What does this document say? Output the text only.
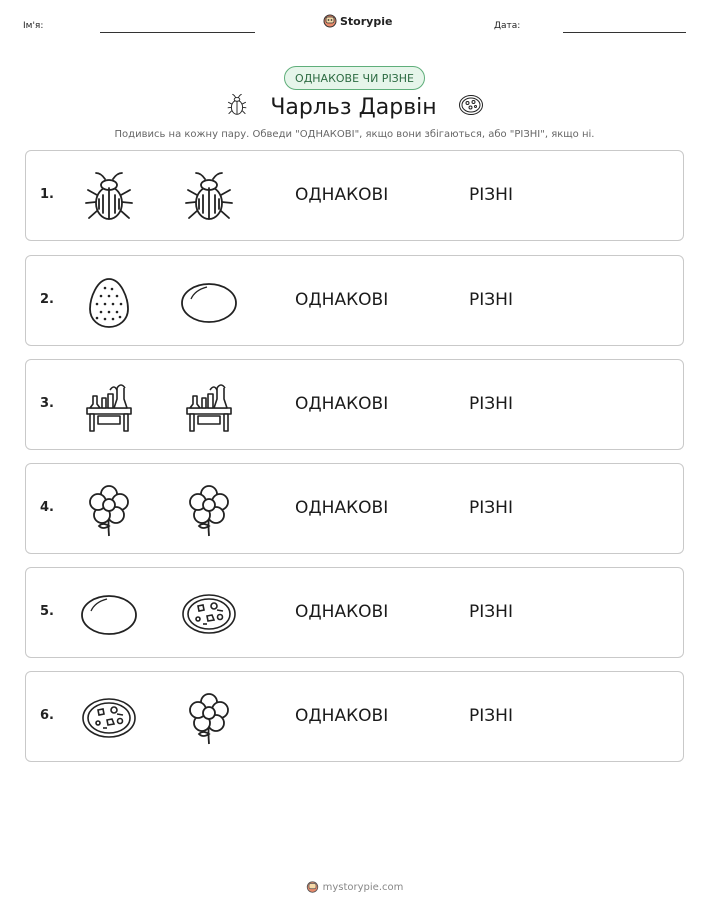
Ім'я:	Storypie	Дата:
ОДНАКОВЕ ЧИ РІЗНЕ
Чарльз Дарвін
Подивись на кожну пару. Обведи "ОДНАКОВІ", якщо вони збігаються, або "РІЗНІ", якщо ні.
1.	ОДНАКОВІ	РІЗНІ
2.	ОДНАКОВІ	РІЗНІ
3.	ОДНАКОВІ	РІЗНІ
4.	ОДНАКОВІ	РІЗНІ
5.	ОДНАКОВІ	РІЗНІ
6.	ОДНАКОВІ	РІЗНІ
mystorypie.com
